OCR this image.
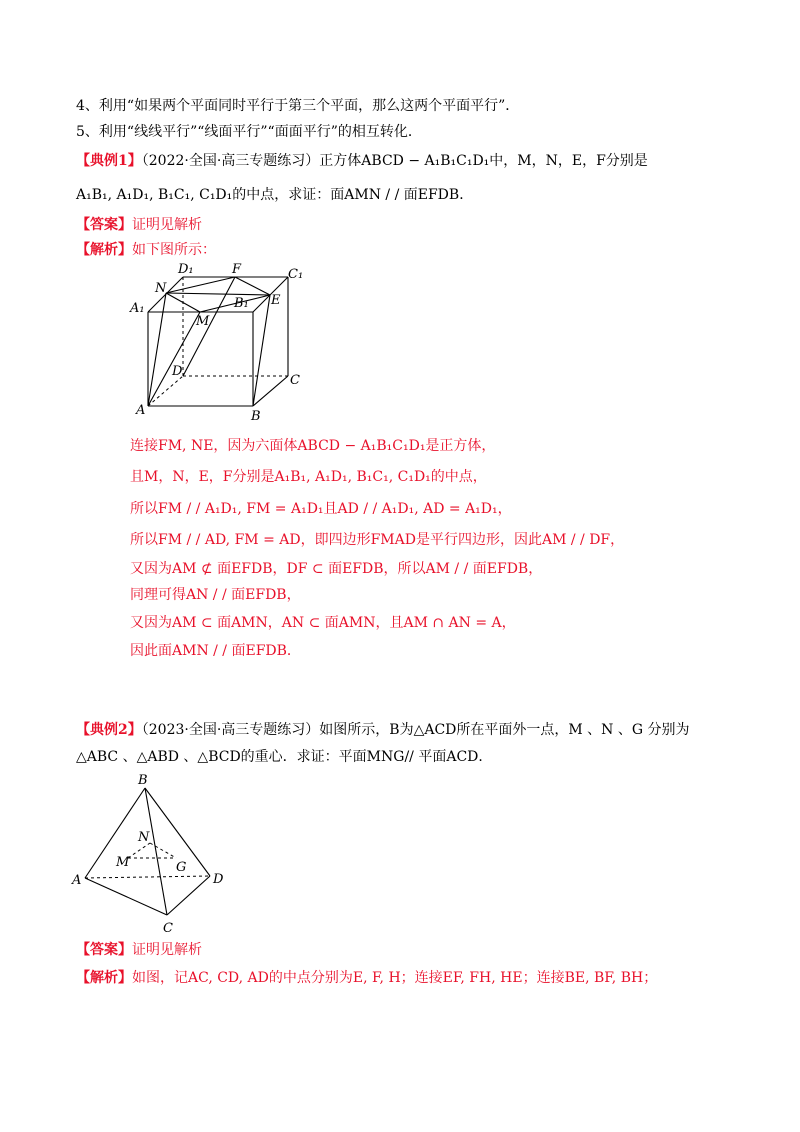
4、利用“如果两个平面同时平行于第三个平面，那么这两个平面平行”．
5、利用“线线平行”“线面平行”“面面平行”的相互转化．
【典例1】（2022·全国·高三专题练习）正方体ABCD − A₁B₁C₁D₁中，M，N，E，F分别是
A₁B₁, A₁D₁, B₁C₁, C₁D₁的中点，求证：面AMN / / 面EFDB．
【答案】证明见解析
【解析】如下图所示：
D₁	F	C₁
N
B₁ E
A₁
M
D
C
A	B
连接FM, NE，因为六面体ABCD − A₁B₁C₁D₁是正方体，
且M，N，E，F分别是A₁B₁, A₁D₁, B₁C₁, C₁D₁的中点，
所以FM / / A₁D₁, FM = A₁D₁且AD / / A₁D₁, AD = A₁D₁，
所以FM / / AD, FM = AD，即四边形FMAD是平行四边形，因此AM / / DF，
又因为AM ⊄ 面EFDB，DF ⊂ 面EFDB，所以AM / / 面EFDB，
同理可得AN / / 面EFDB，
又因为AM ⊂ 面AMN，AN ⊂ 面AMN，且AM ∩ AN = A，
因此面AMN / / 面EFDB．
【典例2】（2023·全国·高三专题练习）如图所示，B为△ACD所在平面外一点，M 、N 、G 分别为
△ABC 、△ABD 、△BCD的重心．求证：平面MNG// 平面ACD．
B
N
M	G
A	D
C
【答案】证明见解析
【解析】如图，记AC, CD, AD的中点分别为E, F, H；连接EF, FH, HE；连接BE, BF, BH；
